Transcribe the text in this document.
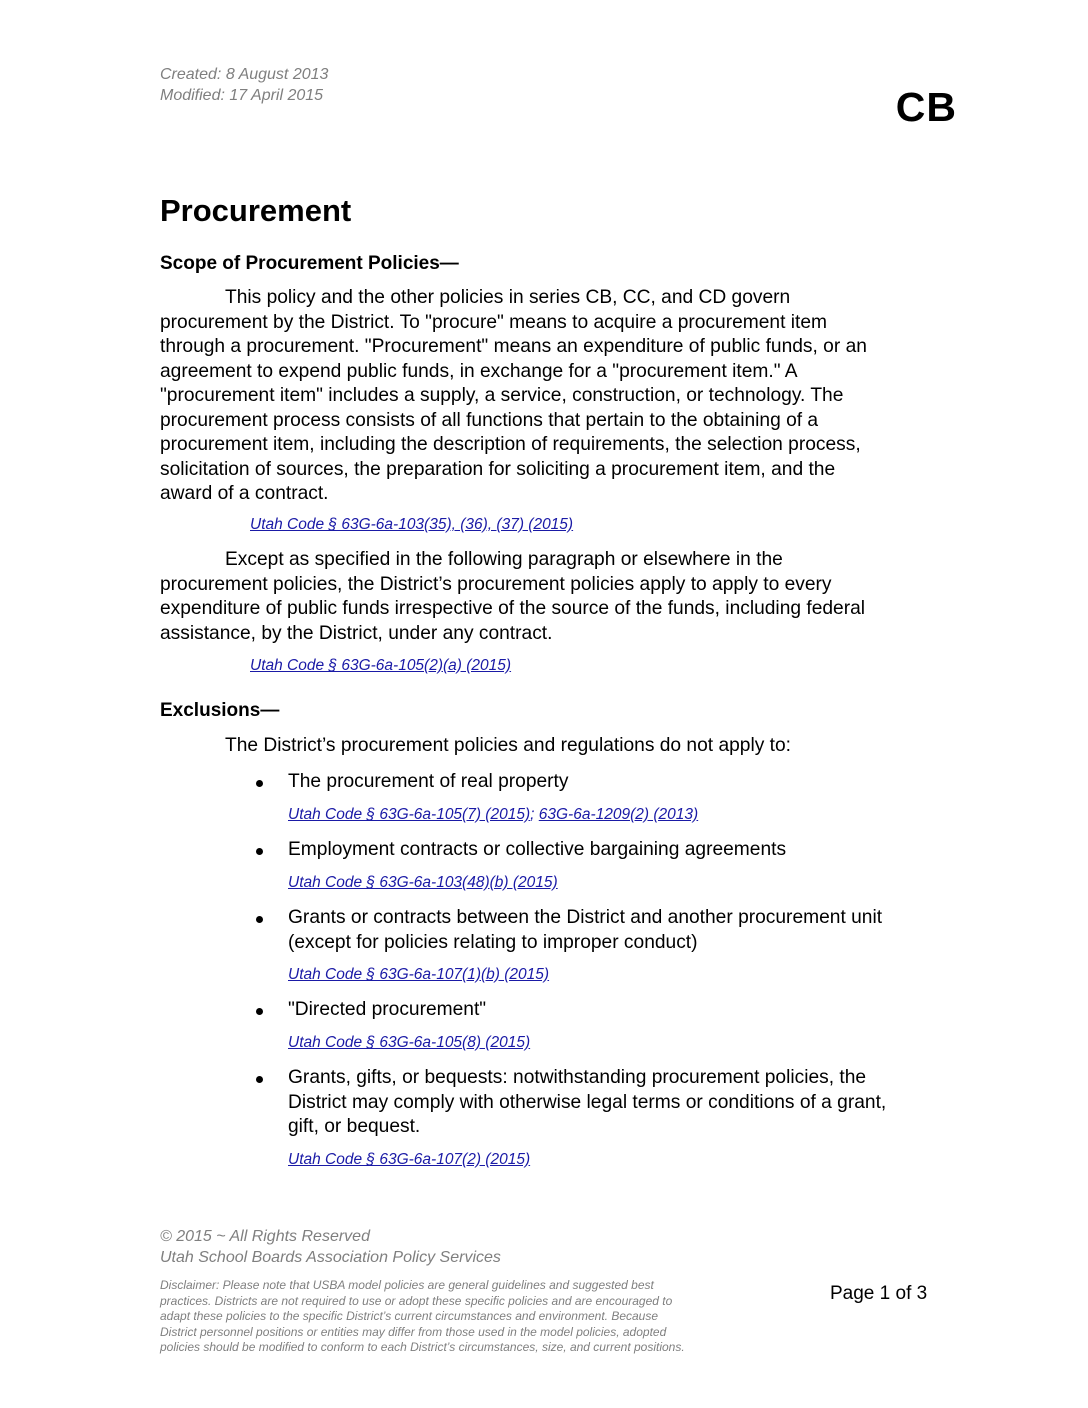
Created: 8 August 2013
Modified: 17 April 2015	CB
Procurement
Scope of Procurement Policies—

This policy and the other policies in series CB, CC, and CD govern
procurement by the District. To "procure" means to acquire a procurement item
through a procurement. "Procurement" means an expenditure of public funds, or an
agreement to expend public funds, in exchange for a "procurement item." A
"procurement item" includes a supply, a service, construction, or technology. The
procurement process consists of all functions that pertain to the obtaining of a
procurement item, including the description of requirements, the selection process,
solicitation of sources, the preparation for soliciting a procurement item, and the
award of a contract.

Utah Code § 63G-6a-103(35), (36), (37) (2015)

Except as specified in the following paragraph or elsewhere in the
procurement policies, the District’s procurement policies apply to apply to every
expenditure of public funds irrespective of the source of the funds, including federal
assistance, by the District, under any contract.

Utah Code § 63G-6a-105(2)(a) (2015)
Exclusions—

The District’s procurement policies and regulations do not apply to:

The procurement of real property
Utah Code § 63G-6a-105(7) (2015); 63G-6a-1209(2) (2013)
Employment contracts or collective bargaining agreements
Utah Code § 63G-6a-103(48)(b) (2015)
Grants or contracts between the District and another procurement unit
(except for policies relating to improper conduct)
Utah Code § 63G-6a-107(1)(b) (2015)
"Directed procurement"
Utah Code § 63G-6a-105(8) (2015)
Grants, gifts, or bequests: notwithstanding procurement policies, the
District may comply with otherwise legal terms or conditions of a grant,
gift, or bequest.
Utah Code § 63G-6a-107(2) (2015)
© 2015 ~ All Rights Reserved
Utah School Boards Association Policy Services
Disclaimer: Please note that USBA model policies are general guidelines and suggested best
practices. Districts are not required to use or adopt these specific policies and are encouraged to
adapt these policies to the specific District’s current circumstances and environment. Because
District personnel positions or entities may differ from those used in the model policies, adopted
policies should be modified to conform to each District’s circumstances, size, and current positions.
Page 1 of 3
